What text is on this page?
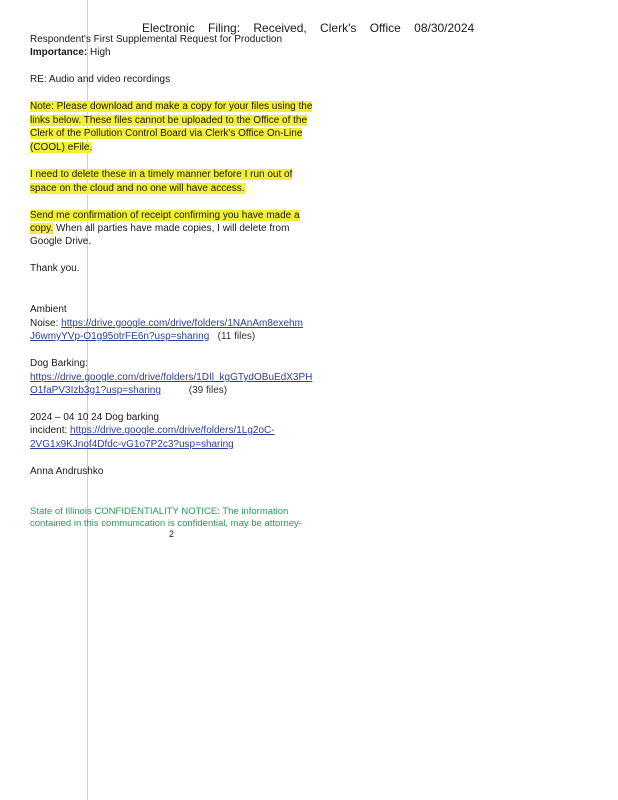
Electronic Filing: Received, Clerk's Office 08/30/2024
Respondent's First Supplemental Request for Production
Importance: High
RE: Audio and video recordings
Note: Please download and make a copy for your files using the
links below. These files cannot be uploaded to the Office of the
Clerk of the Pollution Control Board via Clerk's Office On-Line
(COOL) eFile.
I need to delete these in a timely manner before I run out of
space on the cloud and no one will have access.
Send me confirmation of receipt confirming you have made a
copy. When all parties have made copies, I will delete from
Google Drive.
Thank you.
Ambient
Noise: https://drive.google.com/drive/folders/1NAnAm8exehm
J6wmyYVp-O1g95otrFE6n?usp=sharing (11 files)
Dog Barking:
https://drive.google.com/drive/folders/1DIl_kgGTydOBuEdX3PH
O1faPV3Izb3g1?usp=sharing	(39 files)
2024 – 04 10 24 Dog barking
incident: https://drive.google.com/drive/folders/1Lg2oC-
2VG1x9KJnof4Dfdc-vG1o7P2c3?usp=sharing
Anna Andrushko
State of Illinois CONFIDENTIALITY NOTICE: The information
contained in this communication is confidential, may be attorney-
2
